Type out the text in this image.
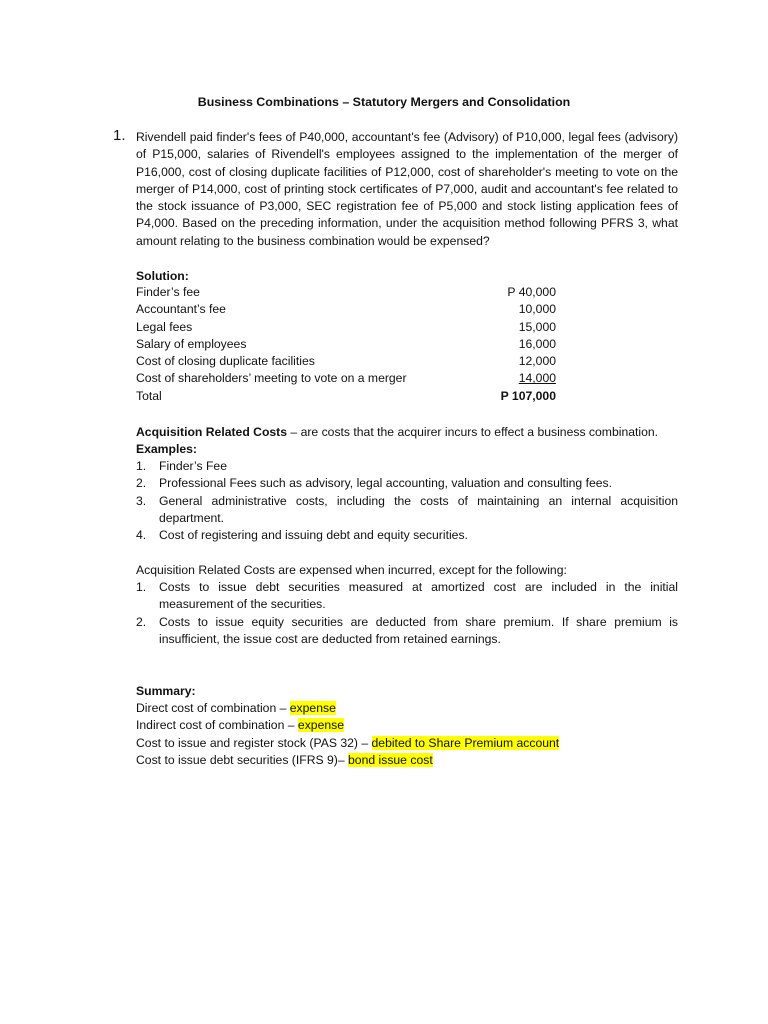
Business Combinations – Statutory Mergers and Consolidation
1. Rivendell paid finder's fees of P40,000, accountant's fee (Advisory) of P10,000, legal fees (advisory) of P15,000, salaries of Rivendell's employees assigned to the implementation of the merger of P16,000, cost of closing duplicate facilities of P12,000, cost of shareholder's meeting to vote on the merger of P14,000, cost of printing stock certificates of P7,000, audit and accountant's fee related to the stock issuance of P3,000, SEC registration fee of P5,000 and stock listing application fees of P4,000. Based on the preceding information, under the acquisition method following PFRS 3, what amount relating to the business combination would be expensed?
Solution:
Finder’s fee	P 40,000
Accountant’s fee	10,000
Legal fees	15,000
Salary of employees	16,000
Cost of closing duplicate facilities	12,000
Cost of shareholders’ meeting to vote on a merger	14,000
Total	P 107,000
Acquisition Related Costs – are costs that the acquirer incurs to effect a business combination.
Examples:
1. Finder’s Fee
2. Professional Fees such as advisory, legal accounting, valuation and consulting fees.
3. General administrative costs, including the costs of maintaining an internal acquisition department.
4. Cost of registering and issuing debt and equity securities.
Acquisition Related Costs are expensed when incurred, except for the following:
1. Costs to issue debt securities measured at amortized cost are included in the initial measurement of the securities.
2. Costs to issue equity securities are deducted from share premium. If share premium is insufficient, the issue cost are deducted from retained earnings.
Summary:
Direct cost of combination – expense
Indirect cost of combination – expense
Cost to issue and register stock (PAS 32) – debited to Share Premium account
Cost to issue debt securities (IFRS 9)– bond issue cost
